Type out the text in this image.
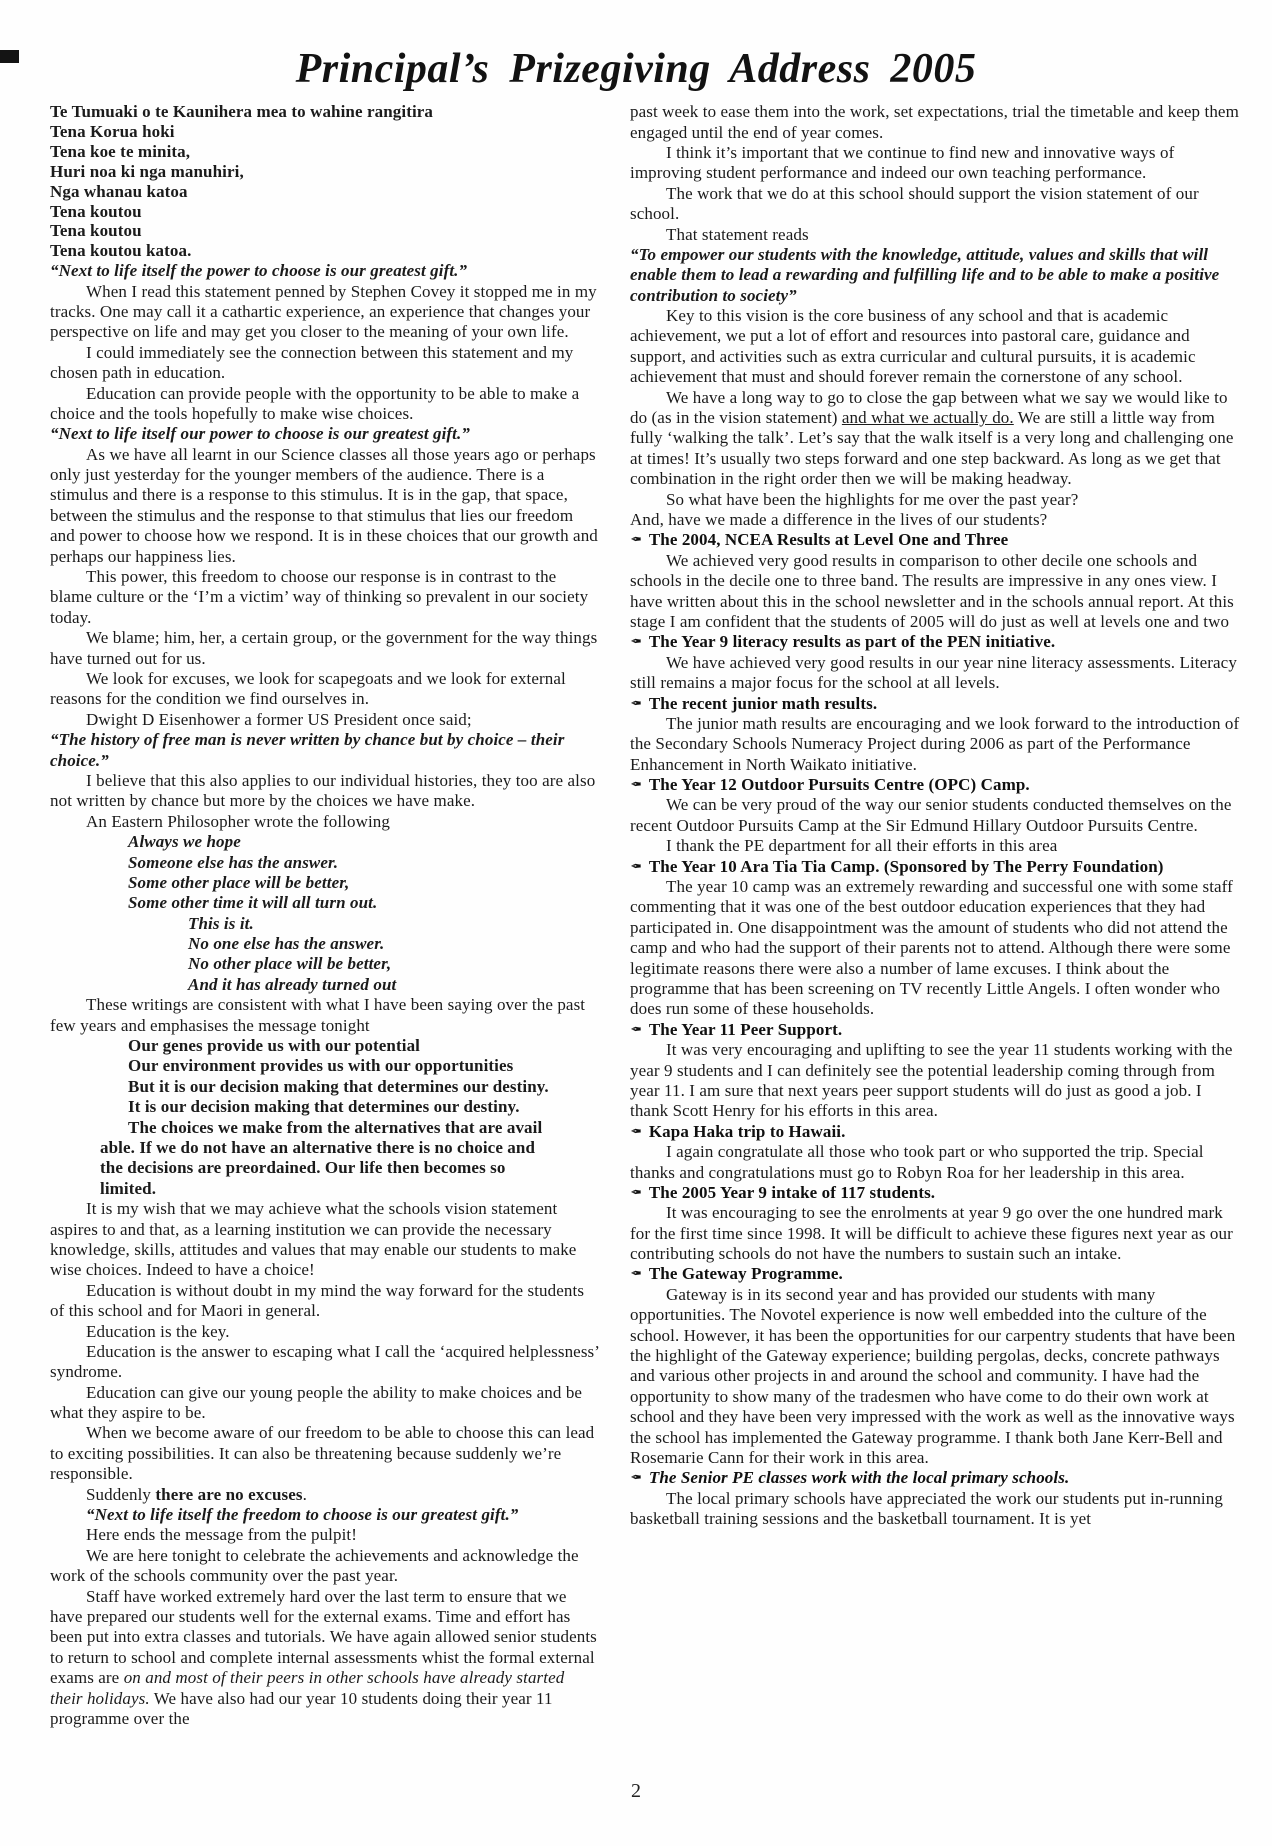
Principal’s Prizegiving Address 2005
Te Tumuaki o te Kaunihera mea to wahine rangitira
Tena Korua hoki
Tena koe te minita,
Huri noa ki nga manuhiri,
Nga whanau katoa
Tena koutou
Tena koutou
Tena koutou katoa.
“Next to life itself the power to choose is our greatest gift.”
When I read this statement penned by Stephen Covey it stopped me in my tracks. One may call it a cathartic experience, an experience that changes your perspective on life and may get you closer to the meaning of your own life.
I could immediately see the connection between this statement and my chosen path in education.
Education can provide people with the opportunity to be able to make a choice and the tools hopefully to make wise choices.
“Next to life itself our power to choose is our greatest gift.”
As we have all learnt in our Science classes all those years ago or perhaps only just yesterday for the younger members of the audience. There is a stimulus and there is a response to this stimulus. It is in the gap, that space, between the stimulus and the response to that stimulus that lies our freedom and power to choose how we respond. It is in these choices that our growth and perhaps our happiness lies.
This power, this freedom to choose our response is in contrast to the blame culture or the ‘I’m a victim’ way of thinking so prevalent in our society today.
We blame; him, her, a certain group, or the government for the way things have turned out for us.
We look for excuses, we look for scapegoats and we look for external reasons for the condition we find ourselves in.
Dwight D Eisenhower a former US President once said;
“The history of free man is never written by chance but by choice – their choice.”
I believe that this also applies to our individual histories, they too are also not written by chance but more by the choices we have make.
An Eastern Philosopher wrote the following
Always we hope
Someone else has the answer.
Some other place will be better,
Some other time it will all turn out.
This is it.
No one else has the answer.
No other place will be better,
And it has already turned out
These writings are consistent with what I have been saying over the past few years and emphasises the message tonight
Our genes provide us with our potential
Our environment provides us with our opportunities
But it is our decision making that determines our destiny.
It is our decision making that determines our destiny.
The choices we make from the alternatives that are avail
able. If we do not have an alternative there is no choice and
the decisions are preordained. Our life then becomes so
limited.
It is my wish that we may achieve what the schools vision statement aspires to and that, as a learning institution we can provide the necessary knowledge, skills, attitudes and values that may enable our students to make wise choices. Indeed to have a choice!
Education is without doubt in my mind the way forward for the students of this school and for Maori in general.
Education is the key.
Education is the answer to escaping what I call the ‘acquired helplessness’ syndrome.
Education can give our young people the ability to make choices and be what they aspire to be.
When we become aware of our freedom to be able to choose this can lead to exciting possibilities. It can also be threatening because suddenly we’re responsible.
Suddenly there are no excuses.
“Next to life itself the freedom to choose is our greatest gift.”
Here ends the message from the pulpit!
We are here tonight to celebrate the achievements and acknowledge the work of the schools community over the past year.
Staff have worked extremely hard over the last term to ensure that we have prepared our students well for the external exams. Time and effort has been put into extra classes and tutorials. We have again allowed senior students to return to school and complete internal assessments whist the formal external exams are on and most of their peers in other schools have already started their holidays. We have also had our year 10 students doing their year 11 programme over the
past week to ease them into the work, set expectations, trial the timetable and keep them engaged until the end of year comes.
I think it’s important that we continue to find new and innovative ways of improving student performance and indeed our own teaching performance.
The work that we do at this school should support the vision statement of our school.
That statement reads
“To empower our students with the knowledge, attitude, values and skills that will enable them to lead a rewarding and fulfilling life and to be able to make a positive contribution to society”
Key to this vision is the core business of any school and that is academic achievement, we put a lot of effort and resources into pastoral care, guidance and support, and activities such as extra curricular and cultural pursuits, it is academic achievement that must and should forever remain the cornerstone of any school.
We have a long way to go to close the gap between what we say we would like to do (as in the vision statement) and what we actually do. We are still a little way from fully ‘walking the talk’. Let’s say that the walk itself is a very long and challenging one at times! It’s usually two steps forward and one step backward. As long as we get that combination in the right order then we will be making headway.
So what have been the highlights for me over the past year?
And, have we made a difference in the lives of our students?
✒ The 2004, NCEA Results at Level One and Three
We achieved very good results in comparison to other decile one schools and schools in the decile one to three band. The results are impressive in any ones view. I have written about this in the school newsletter and in the schools annual report. At this stage I am confident that the students of 2005 will do just as well at levels one and two
✒ The Year 9 literacy results as part of the PEN initiative.
We have achieved very good results in our year nine literacy assessments. Literacy still remains a major focus for the school at all levels.
✒ The recent junior math results.
The junior math results are encouraging and we look forward to the introduction of the Secondary Schools Numeracy Project during 2006 as part of the Performance Enhancement in North Waikato initiative.
✒ The Year 12 Outdoor Pursuits Centre (OPC) Camp.
We can be very proud of the way our senior students conducted themselves on the recent Outdoor Pursuits Camp at the Sir Edmund Hillary Outdoor Pursuits Centre.
I thank the PE department for all their efforts in this area
✒ The Year 10 Ara Tia Tia Camp. (Sponsored by The Perry Foundation)
The year 10 camp was an extremely rewarding and successful one with some staff commenting that it was one of the best outdoor education experiences that they had participated in. One disappointment was the amount of students who did not attend the camp and who had the support of their parents not to attend. Although there were some legitimate reasons there were also a number of lame excuses. I think about the programme that has been screening on TV recently Little Angels. I often wonder who does run some of these households.
✒ The Year 11 Peer Support.
It was very encouraging and uplifting to see the year 11 students working with the year 9 students and I can definitely see the potential leadership coming through from year 11. I am sure that next years peer support students will do just as good a job. I thank Scott Henry for his efforts in this area.
✒ Kapa Haka trip to Hawaii.
I again congratulate all those who took part or who supported the trip. Special thanks and congratulations must go to Robyn Roa for her leadership in this area.
✒ The 2005 Year 9 intake of 117 students.
It was encouraging to see the enrolments at year 9 go over the one hundred mark for the first time since 1998. It will be difficult to achieve these figures next year as our contributing schools do not have the numbers to sustain such an intake.
✒ The Gateway Programme.
Gateway is in its second year and has provided our students with many opportunities. The Novotel experience is now well embedded into the culture of the school. However, it has been the opportunities for our carpentry students that have been the highlight of the Gateway experience; building pergolas, decks, concrete pathways and various other projects in and around the school and community. I have had the opportunity to show many of the tradesmen who have come to do their own work at school and they have been very impressed with the work as well as the innovative ways the school has implemented the Gateway programme. I thank both Jane Kerr-Bell and Rosemarie Cann for their work in this area.
✒ The Senior PE classes work with the local primary schools.
The local primary schools have appreciated the work our students put in-running basketball training sessions and the basketball tournament. It is yet
2
